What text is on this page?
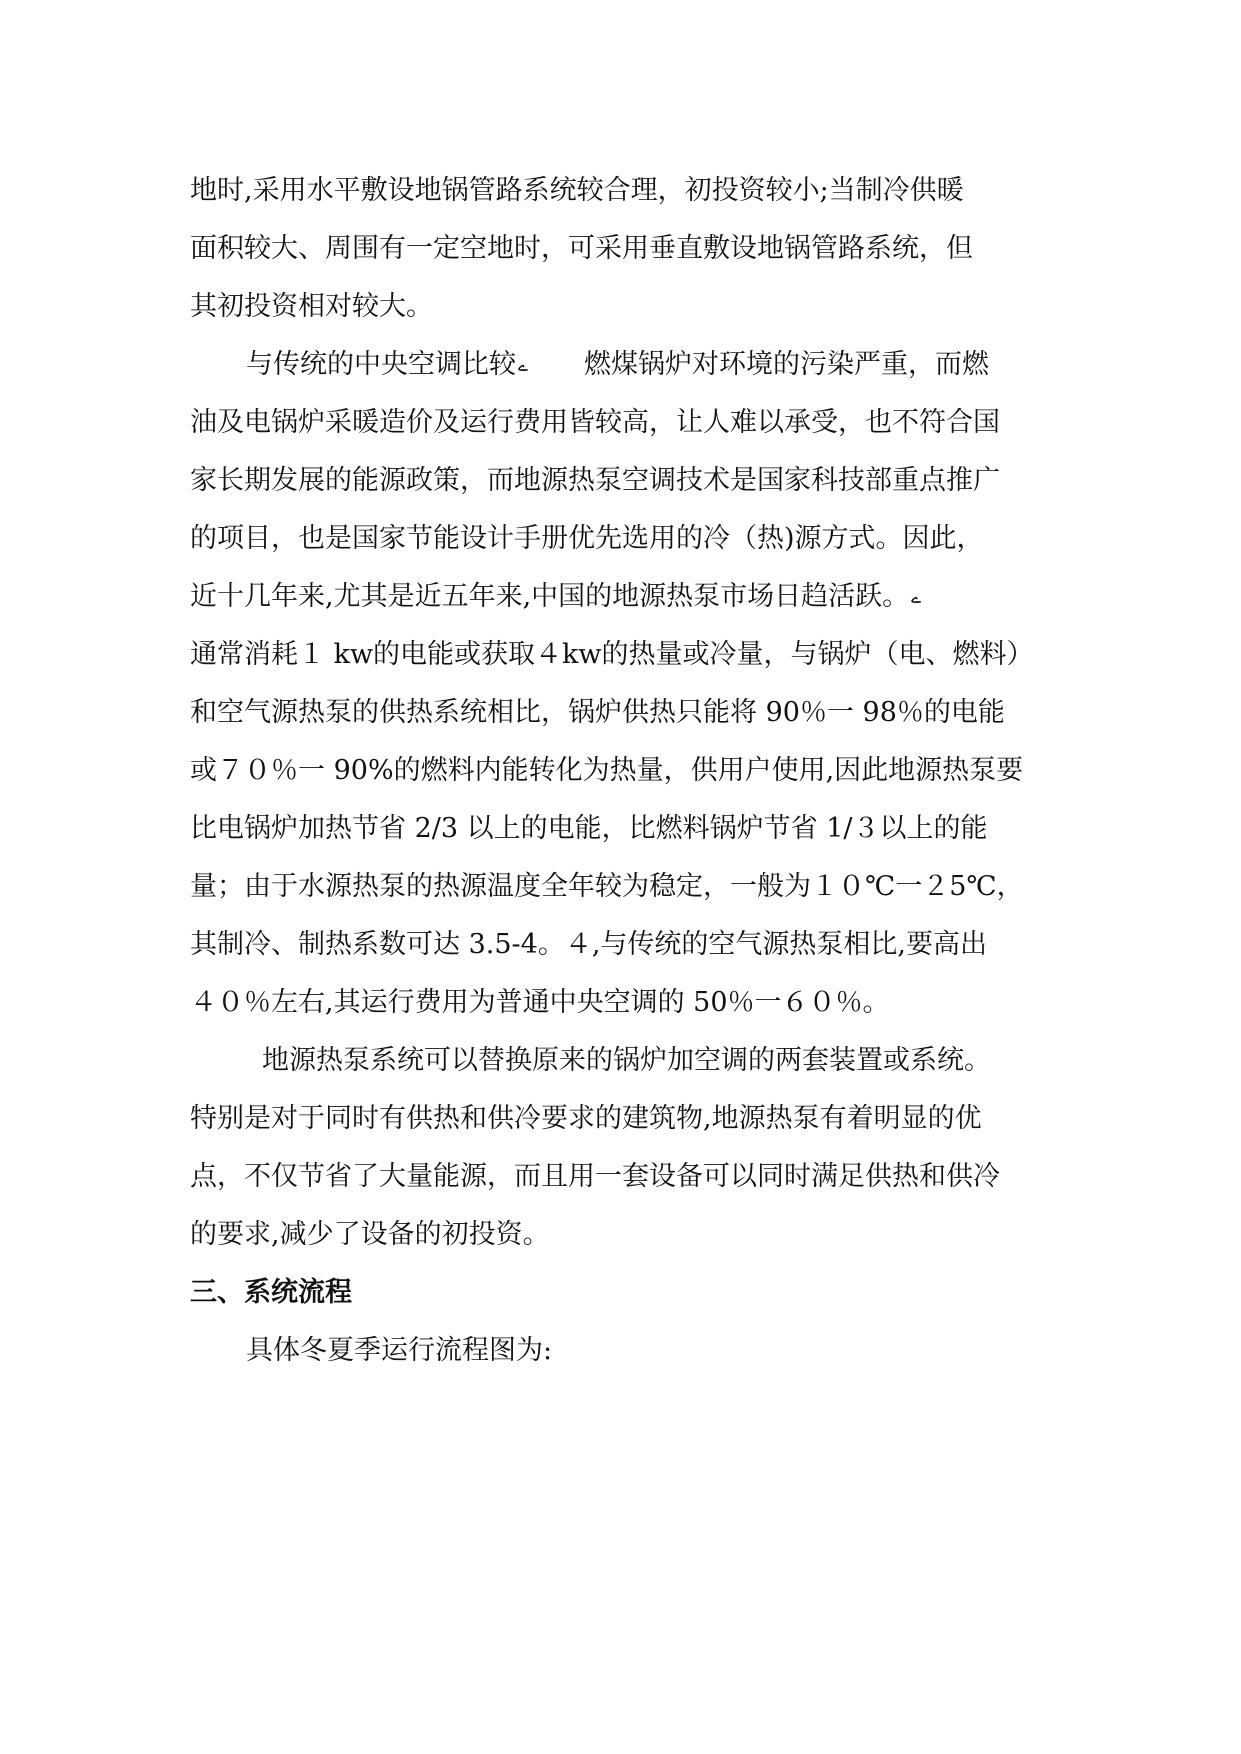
地时,采用水平敷设地锅管路系统较合理，初投资较小;当制冷供暖
面积较大、周围有一定空地时，可采用垂直敷设地锅管路系统，但
其初投资相对较大。
与传统的中央空调比较 ے 燃煤锅炉对环境的污染严重，而燃
油及电锅炉采暖造价及运行费用皆较高，让人难以承受，也不符合国
家长期发展的能源政策，而地源热泵空调技术是国家科技部重点推广
的项目，也是国家节能设计手册优先选用的冷（热)源方式。因此，
近十几年来,尤其是近五年来,中国的地源热泵市场日趋活跃。 ے
通常消耗１ kw的电能或获取４kw的热量或冷量，与锅炉（电、燃料）
和空气源热泵的供热系统相比，锅炉供热只能将 90％一 98％的电能
或７０％一 90%的燃料内能转化为热量，供用户使用,因此地源热泵要
比电锅炉加热节省 2/3 以上的电能，比燃料锅炉节省 1/３以上的能
量；由于水源热泵的热源温度全年较为稳定，一般为１０℃一２5℃，
其制冷、制热系数可达 3.5-4。４,与传统的空气源热泵相比,要高出
４０％左右,其运行费用为普通中央空调的 50％一６０％。
地源热泵系统可以替换原来的锅炉加空调的两套装置或系统。
特别是对于同时有供热和供冷要求的建筑物,地源热泵有着明显的优
点，不仅节省了大量能源，而且用一套设备可以同时满足供热和供冷
的要求,减少了设备的初投资。
三、系统流程
具体冬夏季运行流程图为:
